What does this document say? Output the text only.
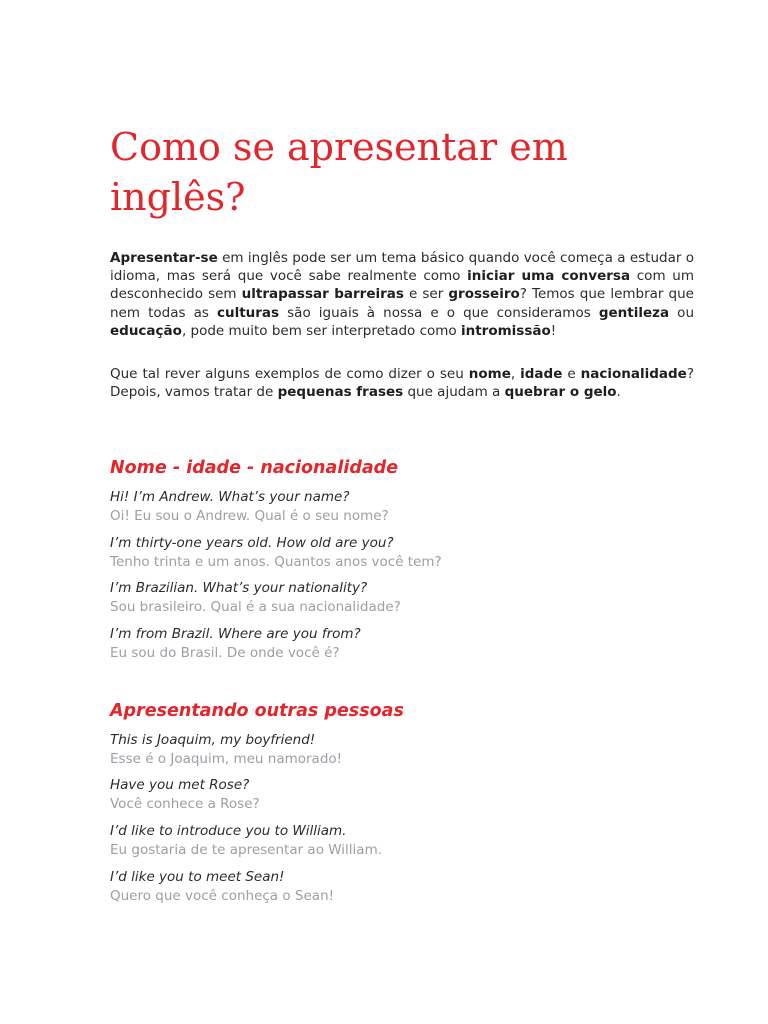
Como se apresentar em inglês?

Apresentar-se em inglês pode ser um tema básico quando você começa a estudar o idioma, mas será que você sabe realmente como iniciar uma conversa com um desconhecido sem ultrapassar barreiras e ser grosseiro? Temos que lembrar que nem todas as culturas são iguais à nossa e o que consideramos gentileza ou educação, pode muito bem ser interpretado como intromissão!

Que tal rever alguns exemplos de como dizer o seu nome, idade e nacionalidade? Depois, vamos tratar de pequenas frases que ajudam a quebrar o gelo.

Nome - idade - nacionalidade
Hi! I’m Andrew. What’s your name?
Oi! Eu sou o Andrew. Qual é o seu nome?
I’m thirty-one years old. How old are you?
Tenho trinta e um anos. Quantos anos você tem?
I’m Brazilian. What’s your nationality?
Sou brasileiro. Qual é a sua nacionalidade?
I’m from Brazil. Where are you from?
Eu sou do Brasil. De onde você é?
Apresentando outras pessoas
This is Joaquim, my boyfriend!
Esse é o Joaquim, meu namorado!
Have you met Rose?
Você conhece a Rose?
I’d like to introduce you to William.
Eu gostaria de te apresentar ao William.
I’d like you to meet Sean!
Quero que você conheça o Sean!
